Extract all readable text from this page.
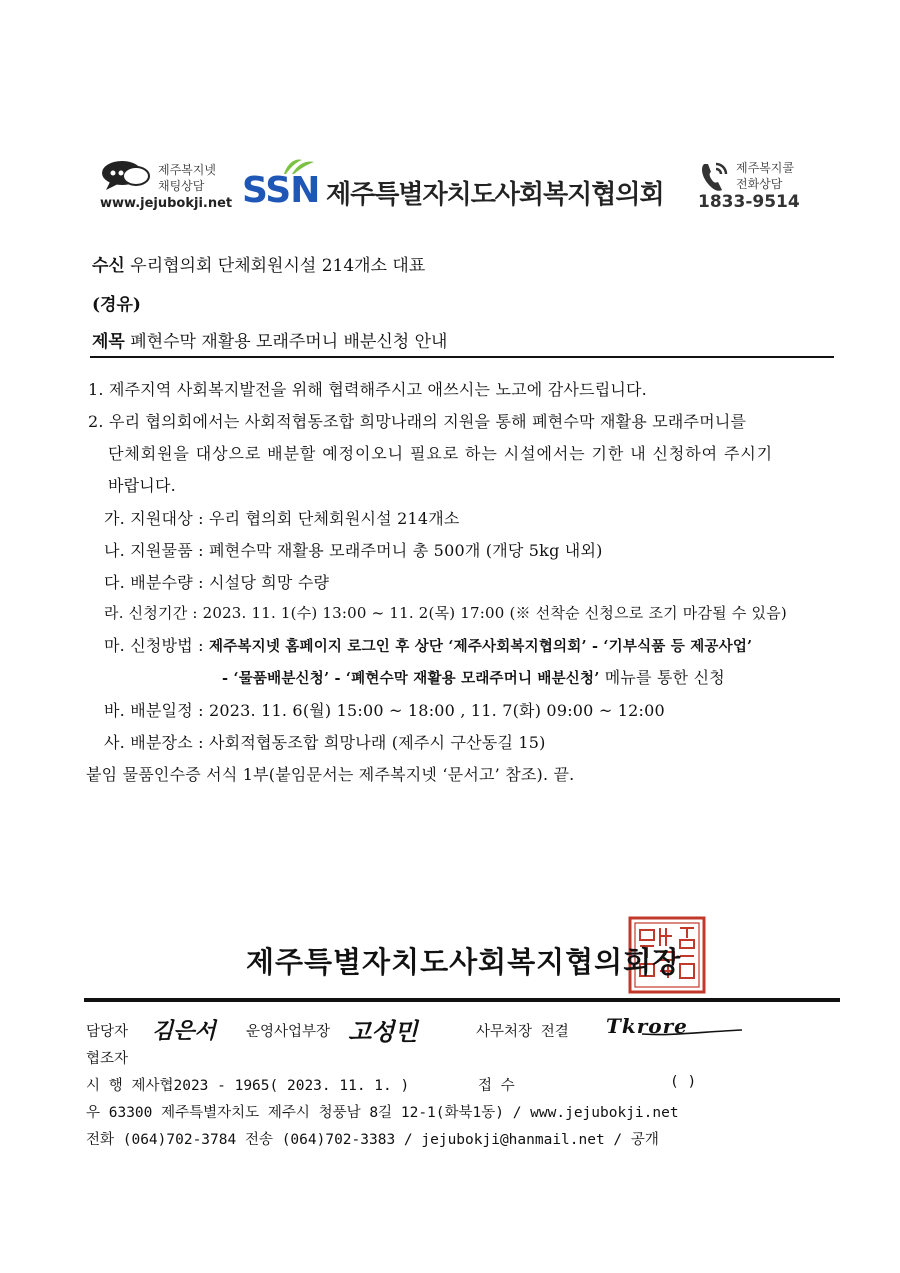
제주복지넷
채팅상담
www.jejubokji.net SSN 제주특별자치도사회복지협의회
제주복지콜
전화상담
1833-9514
수신 우리협의회 단체회원시설 214개소 대표
(경유)
제목 폐현수막 재활용 모래주머니 배분신청 안내
1. 제주지역 사회복지발전을 위해 협력해주시고 애쓰시는 노고에 감사드립니다.
2. 우리 협의회에서는 사회적협동조합 희망나래의 지원을 통해 폐현수막 재활용 모래주머니를
단체회원을 대상으로 배분할 예정이오니 필요로 하는 시설에서는 기한 내 신청하여 주시기
바랍니다.
가. 지원대상 : 우리 협의회 단체회원시설 214개소
나. 지원물품 : 폐현수막 재활용 모래주머니 총 500개 (개당 5kg 내외)
다. 배분수량 : 시설당 희망 수량
라. 신청기간 : 2023. 11. 1(수) 13:00 ~ 11. 2(목) 17:00 (※ 선착순 신청으로 조기 마감될 수 있음)
마. 신청방법 : 제주복지넷 홈페이지 로그인 후 상단 ‘제주사회복지협의회’ - ‘기부식품 등 제공사업’
- ‘물품배분신청’ - ‘폐현수막 재활용 모래주머니 배분신청’ 메뉴를 통한 신청
바. 배분일정 : 2023. 11. 6(월) 15:00 ~ 18:00 , 11. 7(화) 09:00 ~ 12:00
사. 배분장소 : 사회적협동조합 희망나래 (제주시 구산동길 15)
붙임 물품인수증 서식 1부(붙임문서는 제주복지넷 ‘문서고’ 참조). 끝.
제주특별자치도사회복지협의회장
담당자 김은서 운영사업부장 고성민	사무처장 전결 Tkrore
협조자
시 행 제사협2023 - 1965( 2023. 11. 1. )	접 수	( )
우 63300 제주특별자치도 제주시 청풍남 8길 12-1(화북1동) / www.jejubokji.net
전화 (064)702-3784 전송 (064)702-3383 / jejubokji@hanmail.net / 공개
